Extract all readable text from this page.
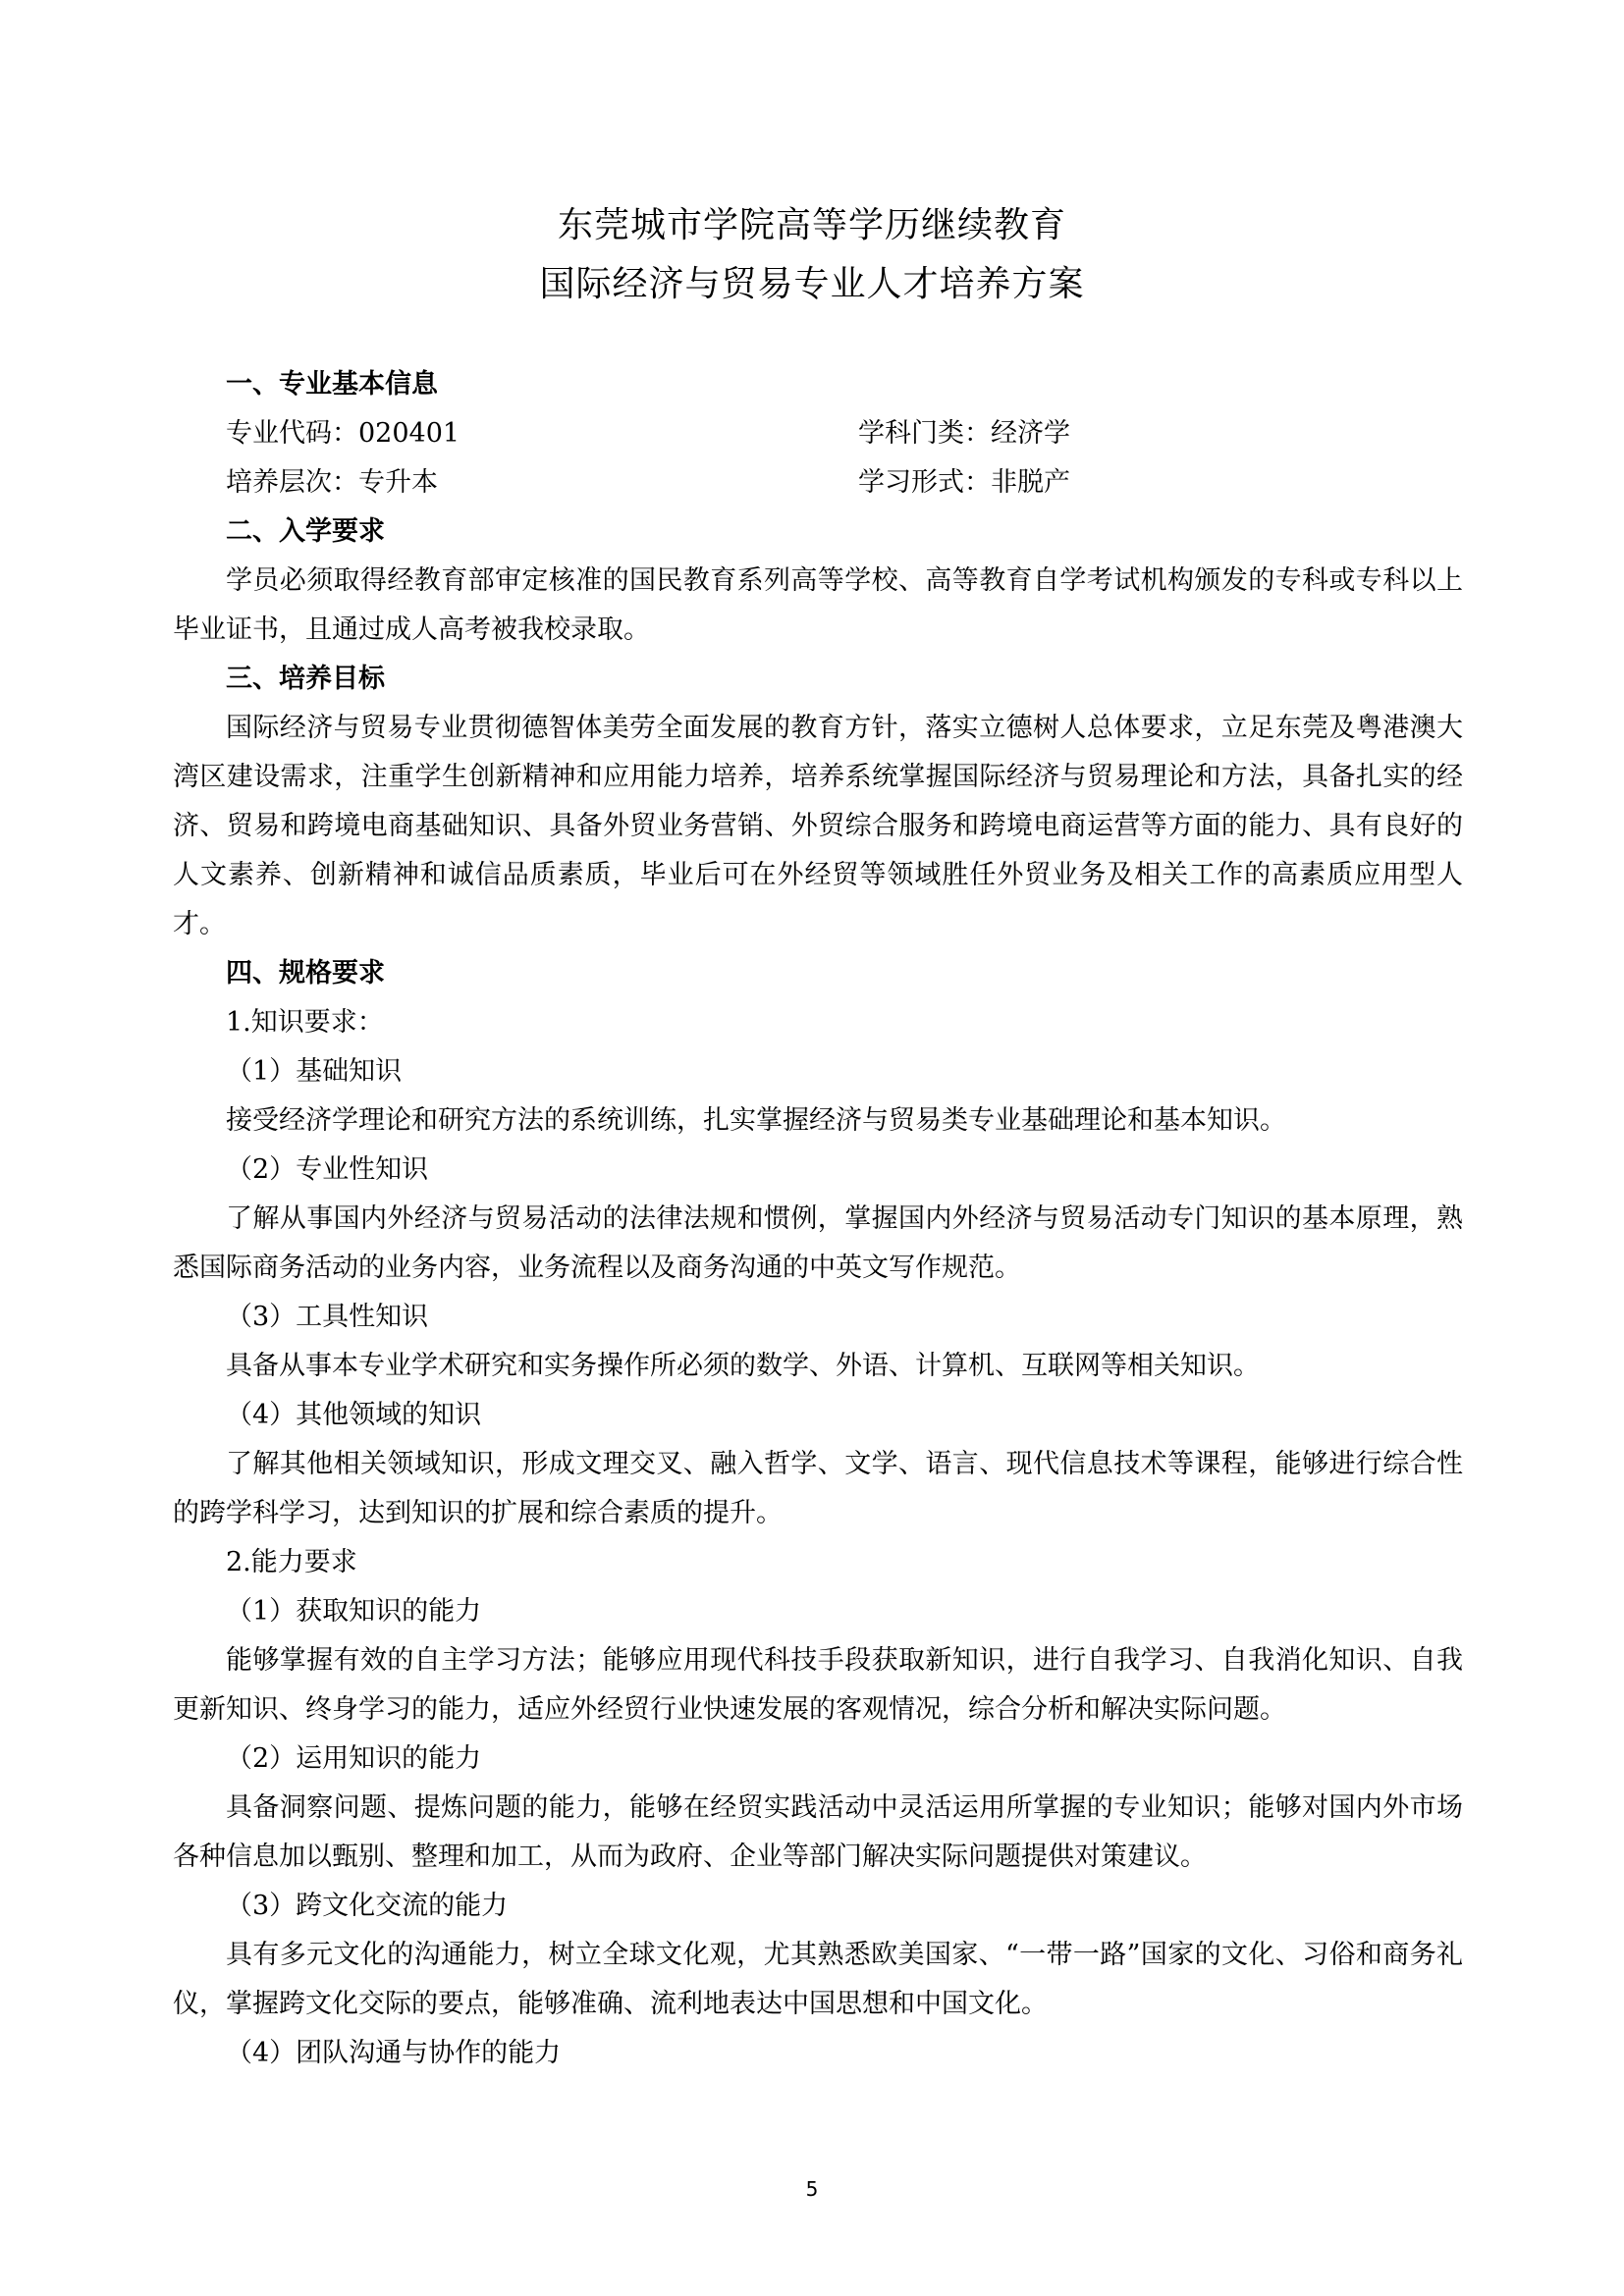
东莞城市学院高等学历继续教育
国际经济与贸易专业人才培养方案

一、专业基本信息

专业代码：020401	学科门类：经济学
培养层次：专升本	学习形式：非脱产

二、入学要求

学员必须取得经教育部审定核准的国民教育系列高等学校、高等教育自学考试机构颁发的专科或专科以上毕业证书，且通过成人高考被我校录取。

三、培养目标

国际经济与贸易专业贯彻德智体美劳全面发展的教育方针，落实立德树人总体要求，立足东莞及粤港澳大湾区建设需求，注重学生创新精神和应用能力培养，培养系统掌握国际经济与贸易理论和方法，具备扎实的经济、贸易和跨境电商基础知识、具备外贸业务营销、外贸综合服务和跨境电商运营等方面的能力、具有良好的人文素养、创新精神和诚信品质素质，毕业后可在外经贸等领域胜任外贸业务及相关工作的高素质应用型人才。

四、规格要求

1.知识要求：

（1）基础知识

接受经济学理论和研究方法的系统训练，扎实掌握经济与贸易类专业基础理论和基本知识。

（2）专业性知识

了解从事国内外经济与贸易活动的法律法规和惯例，掌握国内外经济与贸易活动专门知识的基本原理，熟悉国际商务活动的业务内容，业务流程以及商务沟通的中英文写作规范。

（3）工具性知识

具备从事本专业学术研究和实务操作所必须的数学、外语、计算机、互联网等相关知识。

（4）其他领域的知识

了解其他相关领域知识，形成文理交叉、融入哲学、文学、语言、现代信息技术等课程，能够进行综合性的跨学科学习，达到知识的扩展和综合素质的提升。

2.能力要求

（1）获取知识的能力

能够掌握有效的自主学习方法；能够应用现代科技手段获取新知识，进行自我学习、自我消化知识、自我更新知识、终身学习的能力，适应外经贸行业快速发展的客观情况，综合分析和解决实际问题。

（2）运用知识的能力

具备洞察问题、提炼问题的能力，能够在经贸实践活动中灵活运用所掌握的专业知识；能够对国内外市场各种信息加以甄别、整理和加工，从而为政府、企业等部门解决实际问题提供对策建议。

（3）跨文化交流的能力

具有多元文化的沟通能力，树立全球文化观，尤其熟悉欧美国家、“一带一路”国家的文化、习俗和商务礼仪，掌握跨文化交际的要点，能够准确、流利地表达中国思想和中国文化。

（4）团队沟通与协作的能力

5
